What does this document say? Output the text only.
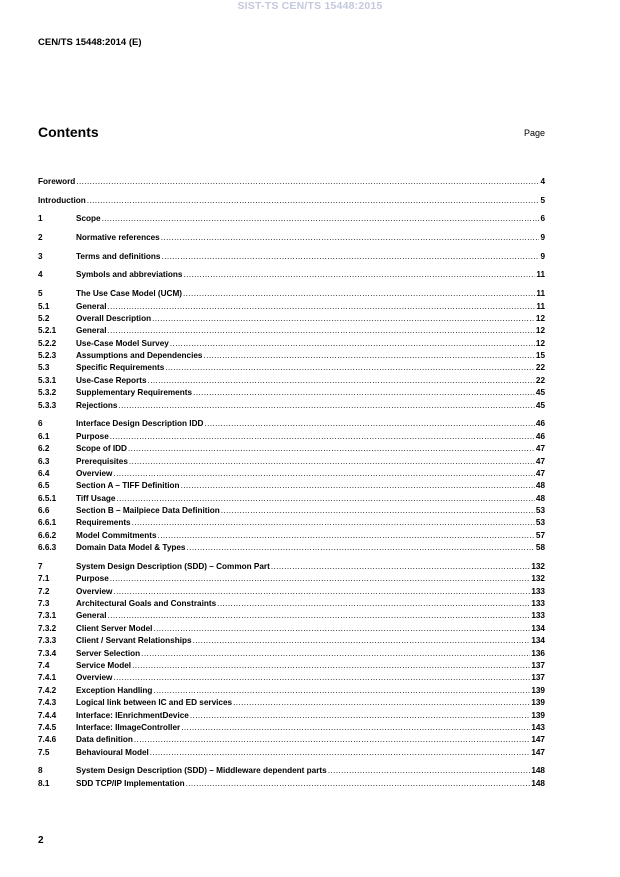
SIST-TS CEN/TS 15448:2015
CEN/TS 15448:2014 (E)
Contents	Page
Foreword .....	4
Introduction .....	5
1	Scope .....	6
2	Normative references .....	9
3	Terms and definitions .....	9
4	Symbols and abbreviations .....	11
5	The Use Case Model (UCM) .....	11
5.1	General .....	11
5.2	Overall Description .....	12
5.2.1	General .....	12
5.2.2	Use-Case Model Survey .....	12
5.2.3	Assumptions and Dependencies .....	15
5.3	Specific Requirements .....	22
5.3.1	Use-Case Reports .....	22
5.3.2	Supplementary Requirements .....	45
5.3.3	Rejections .....	45
6	Interface Design Description IDD .....	46
6.1	Purpose .....	46
6.2	Scope of IDD .....	47
6.3	Prerequisites .....	47
6.4	Overview .....	47
6.5	Section A – TIFF Definition .....	48
6.5.1	Tiff Usage .....	48
6.6	Section B – Mailpiece Data Definition .....	53
6.6.1	Requirements .....	53
6.6.2	Model Commitments .....	57
6.6.3	Domain Data Model & Types .....	58
7	System Design Description (SDD) – Common Part .....	132
7.1	Purpose .....	132
7.2	Overview .....	133
7.3	Architectural Goals and Constraints .....	133
7.3.1	General .....	133
7.3.2	Client Server Model .....	134
7.3.3	Client / Servant Relationships .....	134
7.3.4	Server Selection .....	136
7.4	Service Model .....	137
7.4.1	Overview .....	137
7.4.2	Exception Handling .....	139
7.4.3	Logical link between IC and ED services .....	139
7.4.4	Interface: IEnrichmentDevice .....	139
7.4.5	Interface: IImageController .....	143
7.4.6	Data definition .....	147
7.5	Behavioural Model .....	147
8	System Design Description (SDD) – Middleware dependent parts .....	148
8.1	SDD TCP/IP Implementation .....	148
2
